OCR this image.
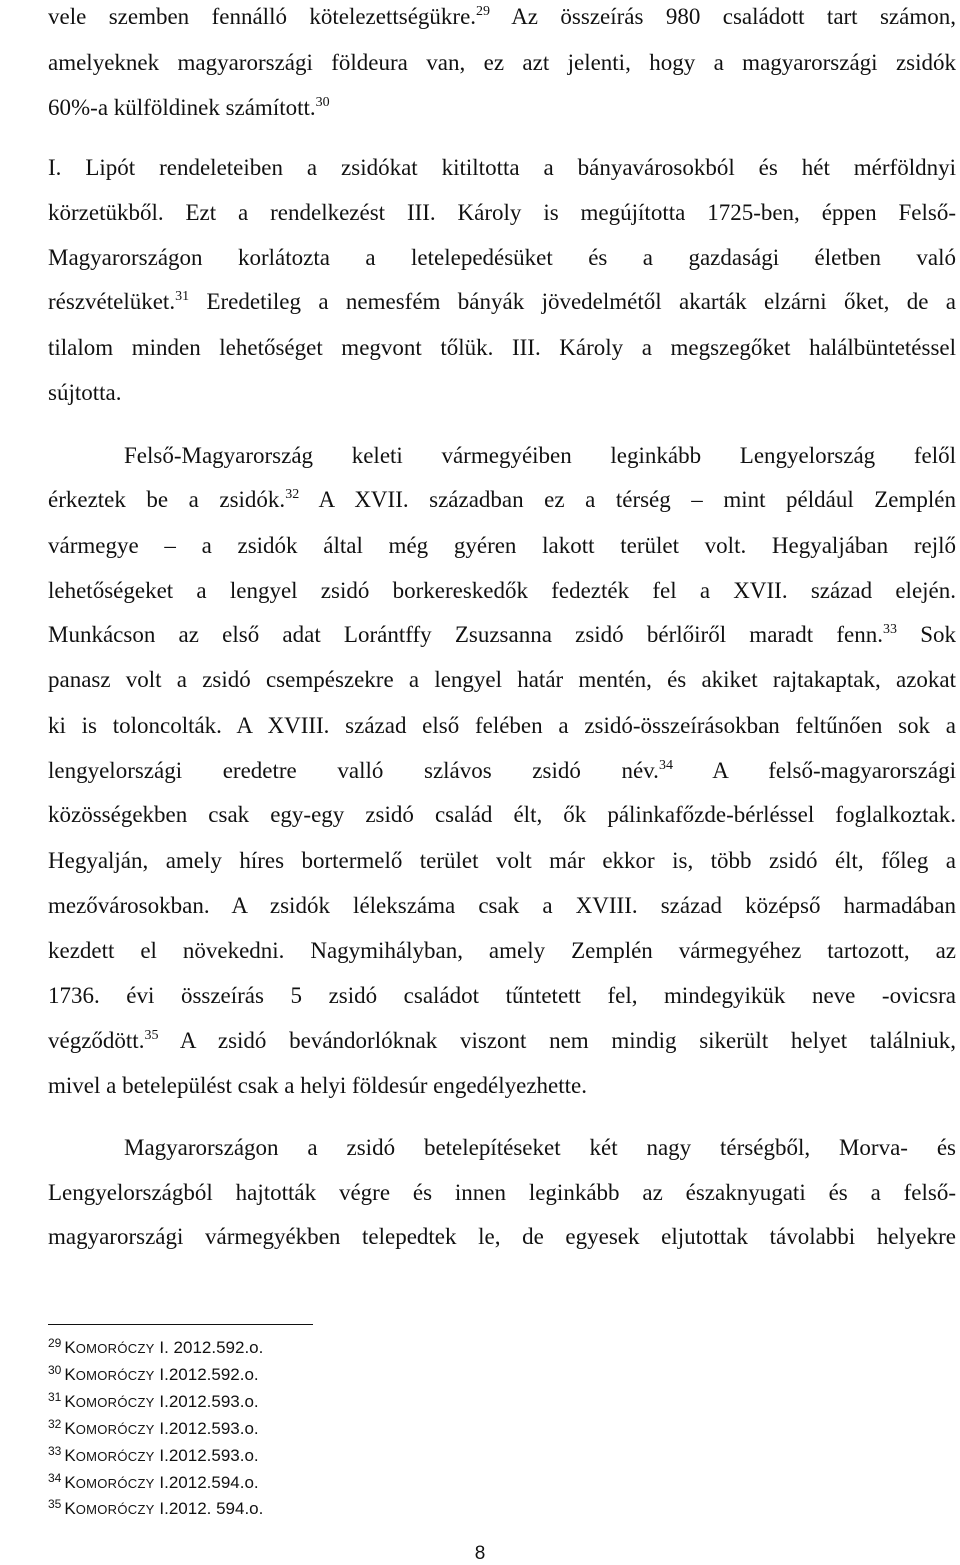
vele szemben fennálló kötelezettségükre.$^{29}$ Az összeírás 980 családott tart számon,
amelyeknek magyarországi földeura van, ez azt jelenti, hogy a magyarországi zsidók
60%-a külföldinek számított.$^{30}$
I. Lipót rendeleteiben a zsidókat kitiltotta a bányavárosokból és hét mérföldnyi
körzetükből. Ezt a rendelkezést III. Károly is megújította 1725-ben, éppen Felső-
Magyarországon korlátozta a letelepedésüket és a gazdasági életben való
részvételüket.$^{31}$ Eredetileg a nemesfém bányák jövedelmétől akarták elzárni őket, de a
tilalom minden lehetőséget megvont tőlük. III. Károly a megszegőket halálbüntetéssel
sújtotta.
Felső-Magyarország keleti vármegyéiben leginkább Lengyelország felől
érkeztek be a zsidók.$^{32}$ A XVII. században ez a térség – mint például Zemplén
vármegye – a zsidók által még gyéren lakott terület volt. Hegyaljában rejlő
lehetőségeket a lengyel zsidó borkereskedők fedezték fel a XVII. század elején.
Munkácson az első adat Lorántffy Zsuzsanna zsidó bérlőiről maradt fenn.$^{33}$ Sok
panasz volt a zsidó csempészekre a lengyel határ mentén, és akiket rajtakaptak, azokat
ki is toloncolták. A XVIII. század első felében a zsidó-összeírásokban feltűnően sok a
lengyelországi eredetre valló szlávos zsidó név.$^{34}$ A felső-magyarországi
közösségekben csak egy-egy zsidó család élt, ők pálinkafőzde-bérléssel foglalkoztak.
Hegyalján, amely híres bortermelő terület volt már ekkor is, több zsidó élt, főleg a
mezővárosokban. A zsidók lélekszáma csak a XVIII. század középső harmadában
kezdett el növekedni. Nagymihályban, amely Zemplén vármegyéhez tartozott, az
1736. évi összeírás 5 zsidó családot tűntetett fel, mindegyikük neve -ovicsra
végződött.$^{35}$ A zsidó bevándorlóknak viszont nem mindig sikerült helyet találniuk,
mivel a betelepülést csak a helyi földesúr engedélyezhette.
Magyarországon a zsidó betelepítéseket két nagy térségből, Morva- és
Lengyelországból hajtották végre és innen leginkább az északnyugati és a felső-
magyarországi vármegyékben telepedtek le, de egyesek eljutottak távolabbi helyekre
$^{29}$ KOMORÓCZY I. 2012.592.o.
$^{30}$ KOMORÓCZY I.2012.592.o.
$^{31}$ KOMORÓCZY I.2012.593.o.
$^{32}$ KOMORÓCZY I.2012.593.o.
$^{33}$ KOMORÓCZY I.2012.593.o.
$^{34}$ KOMORÓCZY I.2012.594.o.
$^{35}$ KOMORÓCZY I.2012. 594.o.
8
